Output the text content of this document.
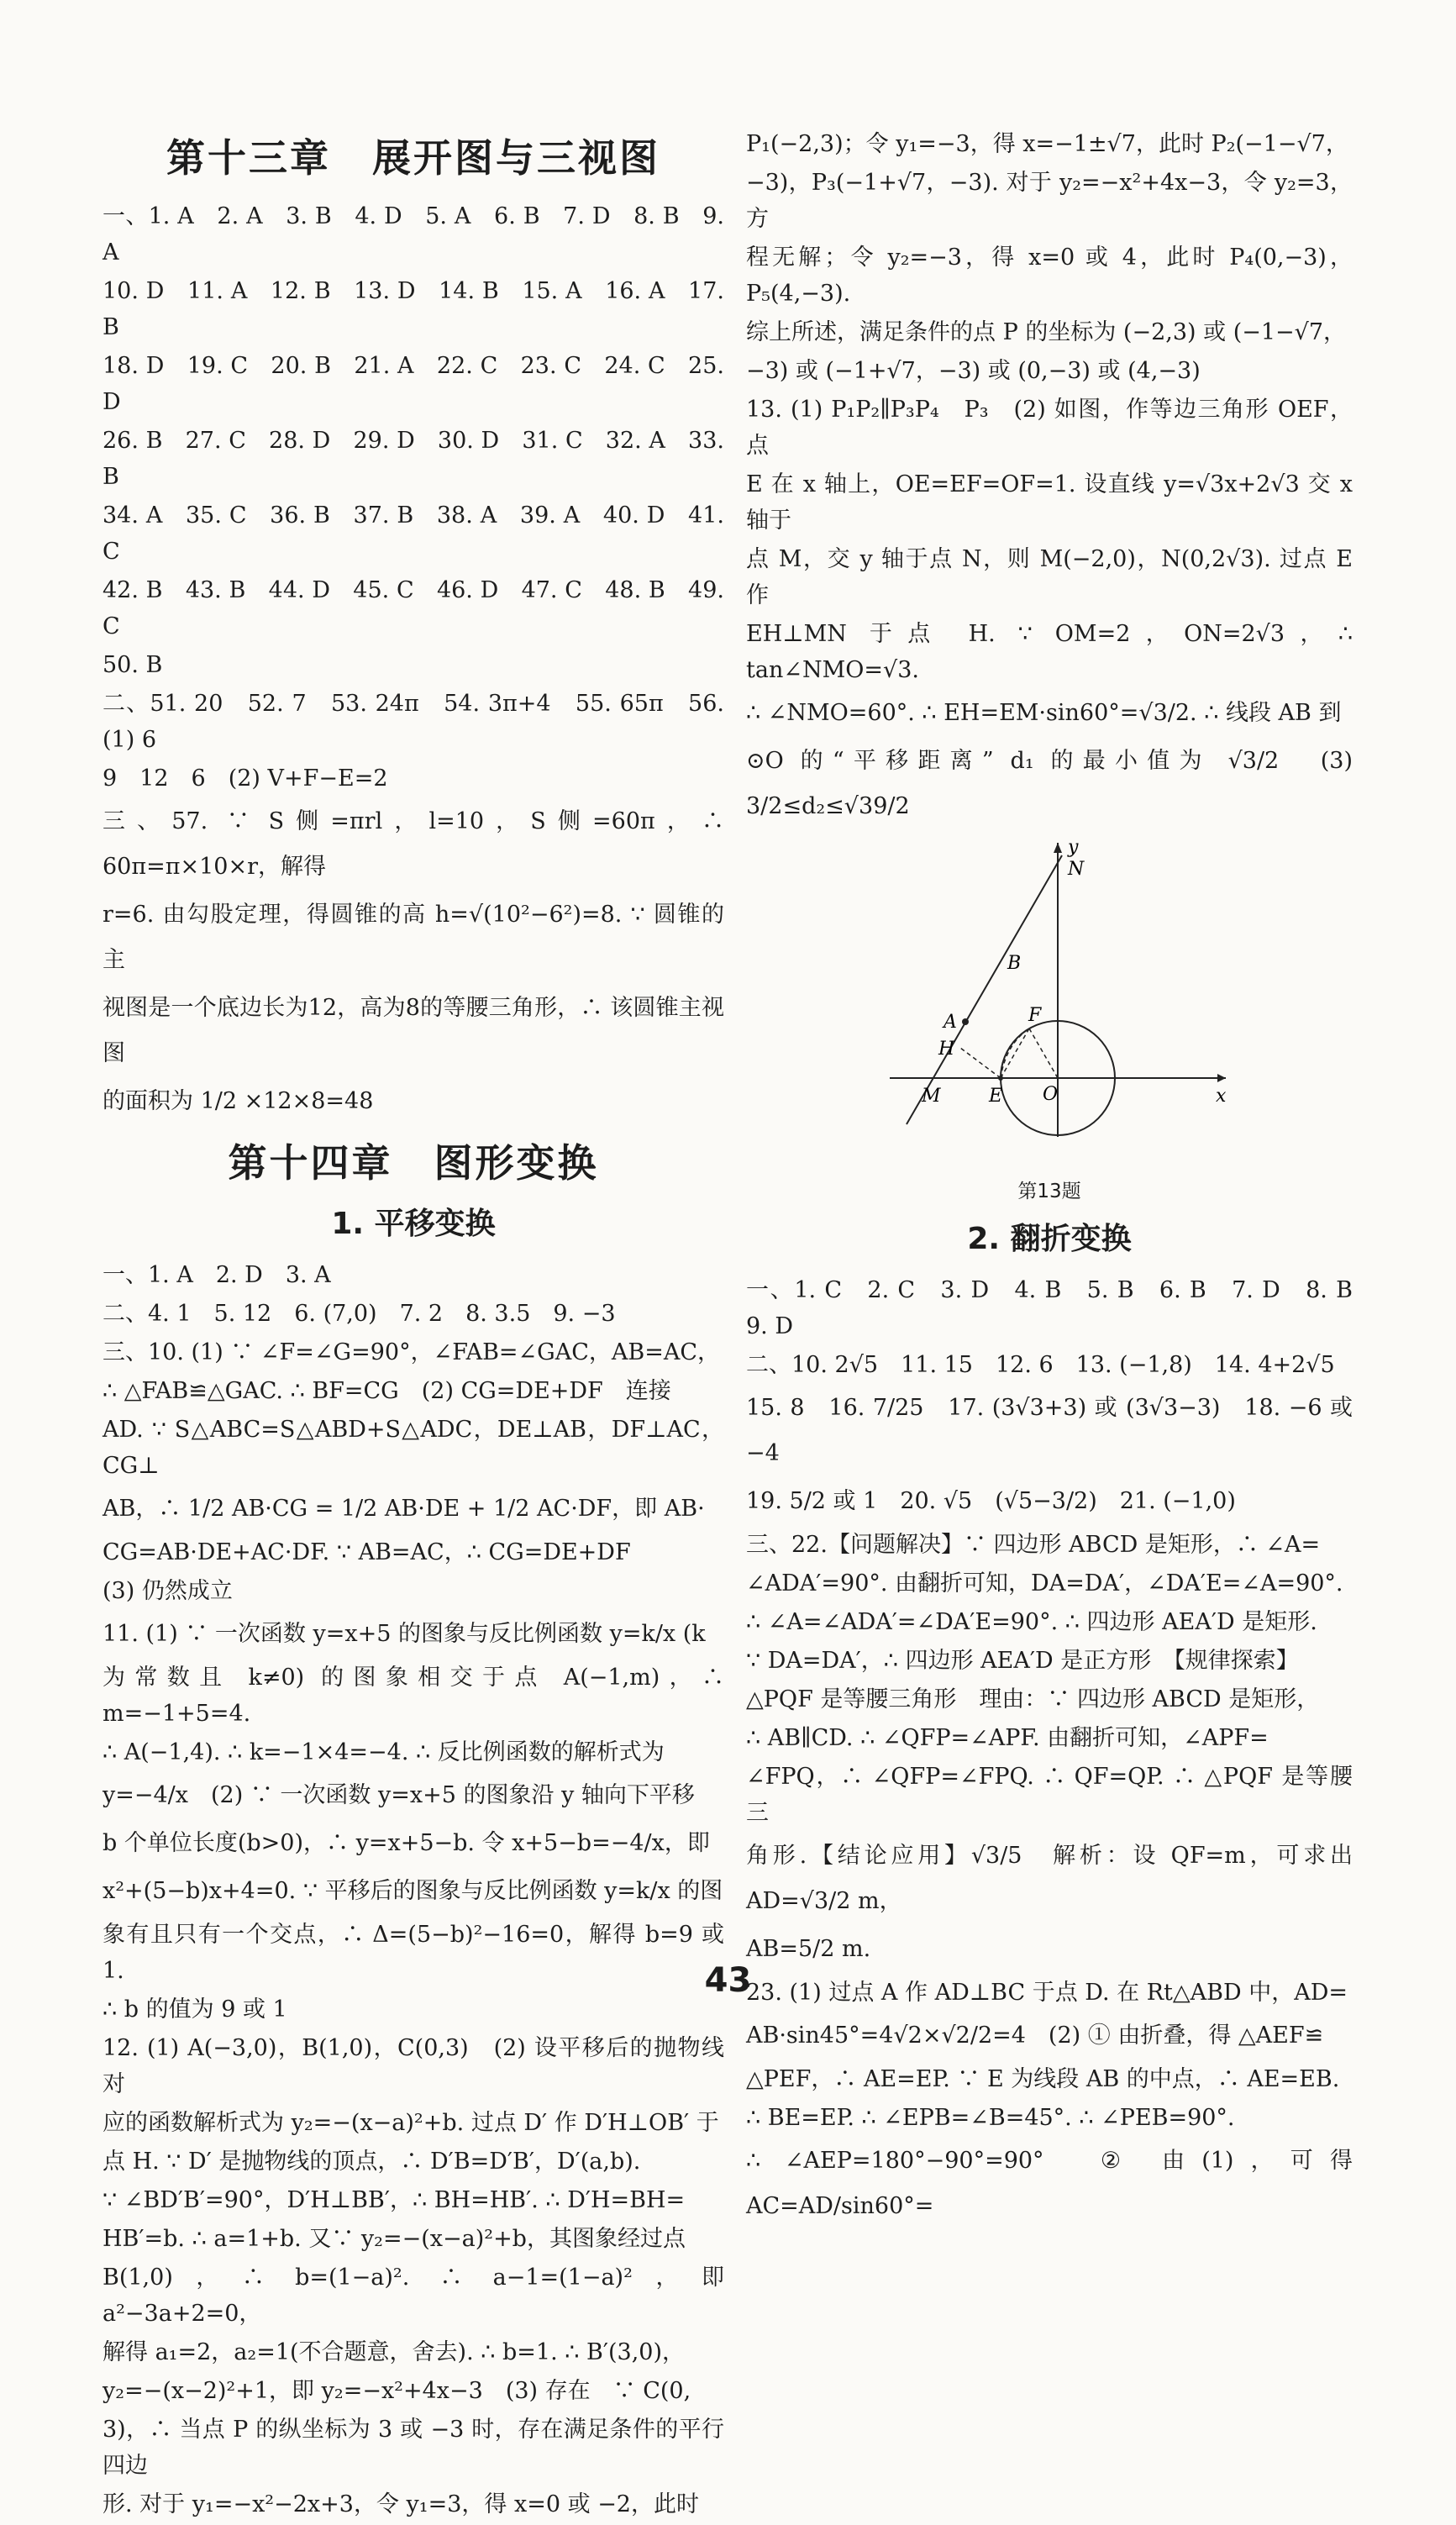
第十三章　展开图与三视图

一、1. A　2. A　3. B　4. D　5. A　6. B　7. D　8. B　9. A

10. D　11. A　12. B　13. D　14. B　15. A　16. A　17. B

18. D　19. C　20. B　21. A　22. C　23. C　24. C　25. D

26. B　27. C　28. D　29. D　30. D　31. C　32. A　33. B

34. A　35. C　36. B　37. B　38. A　39. A　40. D　41. C

42. B　43. B　44. D　45. C　46. D　47. C　48. B　49. C

50. B

二、51. 20　52. 7　53. 24π　54. 3π+4　55. 65π　56. (1) 6

9　12　6　(2) V+F−E=2

三、57. ∵ S侧=πrl，l=10，S侧=60π，∴ 60π=π×10×r，解得

r=6. 由勾股定理，得圆锥的高 h=√(10²−6²)=8. ∵ 圆锥的主

视图是一个底边长为12，高为8的等腰三角形，∴ 该圆锥主视图

的面积为 1/2 ×12×8=48

第十四章　图形变换
1. 平移变换

一、1. A　2. D　3. A

二、4. 1　5. 12　6. (7,0)　7. 2　8. 3.5　9. −3

三、10. (1) ∵ ∠F=∠G=90°，∠FAB=∠GAC，AB=AC，

∴ △FAB≌△GAC. ∴ BF=CG　(2) CG=DE+DF　连接

AD. ∵ S△ABC=S△ABD+S△ADC，DE⊥AB，DF⊥AC，CG⊥

AB，∴ 1/2 AB·CG = 1/2 AB·DE + 1/2 AC·DF，即 AB·

CG=AB·DE+AC·DF. ∵ AB=AC，∴ CG=DE+DF

(3) 仍然成立

11. (1) ∵ 一次函数 y=x+5 的图象与反比例函数 y=k/x (k

为常数且 k≠0) 的图象相交于点 A(−1,m)，∴ m=−1+5=4.

∴ A(−1,4). ∴ k=−1×4=−4. ∴ 反比例函数的解析式为

y=−4/x　(2) ∵ 一次函数 y=x+5 的图象沿 y 轴向下平移

b 个单位长度(b>0)，∴ y=x+5−b. 令 x+5−b=−4/x，即

x²+(5−b)x+4=0. ∵ 平移后的图象与反比例函数 y=k/x 的图

象有且只有一个交点，∴ Δ=(5−b)²−16=0，解得 b=9 或 1.

∴ b 的值为 9 或 1

12. (1) A(−3,0)，B(1,0)，C(0,3)　(2) 设平移后的抛物线对

应的函数解析式为 y₂=−(x−a)²+b. 过点 D′ 作 D′H⊥OB′ 于

点 H. ∵ D′ 是抛物线的顶点，∴ D′B=D′B′，D′(a,b).

∵ ∠BD′B′=90°，D′H⊥BB′，∴ BH=HB′. ∴ D′H=BH=

HB′=b. ∴ a=1+b. 又∵ y₂=−(x−a)²+b，其图象经过点

B(1,0)，∴ b=(1−a)². ∴ a−1=(1−a)²，即 a²−3a+2=0，

解得 a₁=2，a₂=1(不合题意，舍去). ∴ b=1. ∴ B′(3,0)，

y₂=−(x−2)²+1，即 y₂=−x²+4x−3　(3) 存在　∵ C(0,

3)，∴ 当点 P 的纵坐标为 3 或 −3 时，存在满足条件的平行四边

形. 对于 y₁=−x²−2x+3，令 y₁=3，得 x=0 或 −2，此时

P₁(−2,3)；令 y₁=−3，得 x=−1±√7，此时 P₂(−1−√7，

−3)，P₃(−1+√7，−3). 对于 y₂=−x²+4x−3，令 y₂=3，方

程无解；令 y₂=−3，得 x=0 或 4，此时 P₄(0,−3)，P₅(4,−3).

综上所述，满足条件的点 P 的坐标为 (−2,3) 或 (−1−√7，

−3) 或 (−1+√7，−3) 或 (0,−3) 或 (4,−3)

13. (1) P₁P₂∥P₃P₄　P₃　(2) 如图，作等边三角形 OEF，点

E 在 x 轴上，OE=EF=OF=1. 设直线 y=√3x+2√3 交 x 轴于

点 M，交 y 轴于点 N，则 M(−2,0)，N(0,2√3). 过点 E 作

EH⊥MN 于点 H. ∵ OM=2，ON=2√3，∴ tan∠NMO=√3.

∴ ∠NMO=60°. ∴ EH=EM·sin60°=√3/2. ∴ 线段 AB 到

⊙O 的“平移距离” d₁ 的最小值为 √3/2　(3) 3/2≤d₂≤√39/2

y
N
B
A	F
H
M	E O	x
第13题
2. 翻折变换

一、1. C　2. C　3. D　4. B　5. B　6. B　7. D　8. B　9. D

二、10. 2√5　11. 15　12. 6　13. (−1,8)　14. 4+2√5

15. 8　16. 7/25　17. (3√3+3) 或 (3√3−3)　18. −6 或 −4

19. 5/2 或 1　20. √5　(√5−3/2)　21. (−1,0)

三、22.【问题解决】∵ 四边形 ABCD 是矩形，∴ ∠A=

∠ADA′=90°. 由翻折可知，DA=DA′，∠DA′E=∠A=90°.

∴ ∠A=∠ADA′=∠DA′E=90°. ∴ 四边形 AEA′D 是矩形.

∵ DA=DA′，∴ 四边形 AEA′D 是正方形　【规律探索】

△PQF 是等腰三角形　理由：∵ 四边形 ABCD 是矩形，

∴ AB∥CD. ∴ ∠QFP=∠APF. 由翻折可知，∠APF=

∠FPQ，∴ ∠QFP=∠FPQ. ∴ QF=QP. ∴ △PQF 是等腰三

角形.【结论应用】√3/5　解析：设 QF=m，可求出 AD=√3/2 m，

AB=5/2 m.

23. (1) 过点 A 作 AD⊥BC 于点 D. 在 Rt△ABD 中，AD=

AB·sin45°=4√2×√2/2=4　(2) ① 由折叠，得 △AEF≌

△PEF，∴ AE=EP. ∵ E 为线段 AB 的中点，∴ AE=EB.

∴ BE=EP. ∴ ∠EPB=∠B=45°. ∴ ∠PEB=90°.

∴ ∠AEP=180°−90°=90°　② 由(1)，可得 AC=AD/sin60°=

43
